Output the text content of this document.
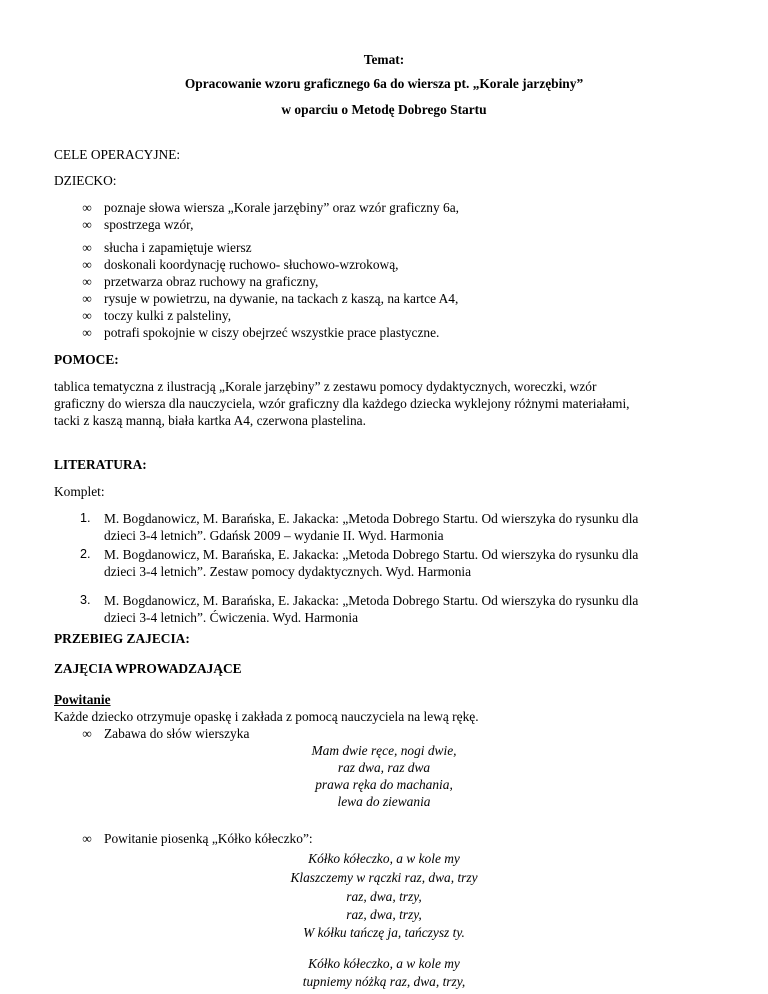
Temat:
Opracowanie wzoru graficznego 6a do wiersza pt. „Korale jarzębiny”
w oparciu o Metodę Dobrego Startu
CELE OPERACYJNE:
DZIECKO:
∞ poznaje słowa wiersza „Korale jarzębiny” oraz wzór graficzny 6a,
∞ spostrzega wzór,
∞ słucha i zapamiętuje wiersz
∞ doskonali koordynację ruchowo- słuchowo-wzrokową,
∞ przetwarza obraz ruchowy na graficzny,
∞ rysuje w powietrzu, na dywanie, na tackach z kaszą, na kartce A4,
∞ toczy kulki z palsteliny,
∞ potrafi spokojnie w ciszy obejrzeć wszystkie prace plastyczne.
POMOCE:
tablica tematyczna z ilustracją „Korale jarzębiny” z zestawu pomocy dydaktycznych, woreczki, wzór
graficzny do wiersza dla nauczyciela, wzór graficzny dla każdego dziecka wyklejony różnymi materiałami,
tacki z kaszą manną, biała kartka A4, czerwona plastelina.
LITERATURA:
Komplet:
1. M. Bogdanowicz, M. Barańska, E. Jakacka: „Metoda Dobrego Startu. Od wierszyka do rysunku dla
dzieci 3-4 letnich”. Gdańsk 2009 – wydanie II. Wyd. Harmonia
2. M. Bogdanowicz, M. Barańska, E. Jakacka: „Metoda Dobrego Startu. Od wierszyka do rysunku dla
dzieci 3-4 letnich”. Zestaw pomocy dydaktycznych. Wyd. Harmonia
3. M. Bogdanowicz, M. Barańska, E. Jakacka: „Metoda Dobrego Startu. Od wierszyka do rysunku dla
dzieci 3-4 letnich”. Ćwiczenia. Wyd. Harmonia
PRZEBIEG ZAJECIA:
ZAJĘCIA WPROWADZAJĄCE
Powitanie
Każde dziecko otrzymuje opaskę i zakłada z pomocą nauczyciela na lewą rękę.
∞ Zabawa do słów wierszyka
Mam dwie ręce, nogi dwie,
raz dwa, raz dwa
prawa ręka do machania,
lewa do ziewania
∞ Powitanie piosenką „Kółko kółeczko”:
Kółko kółeczko, a w kole my
Klaszczemy w rączki raz, dwa, trzy
raz, dwa, trzy,
raz, dwa, trzy,
W kółku tańczę ja, tańczysz ty.
Kółko kółeczko, a w kole my
tupniemy nóżką raz, dwa, trzy,
